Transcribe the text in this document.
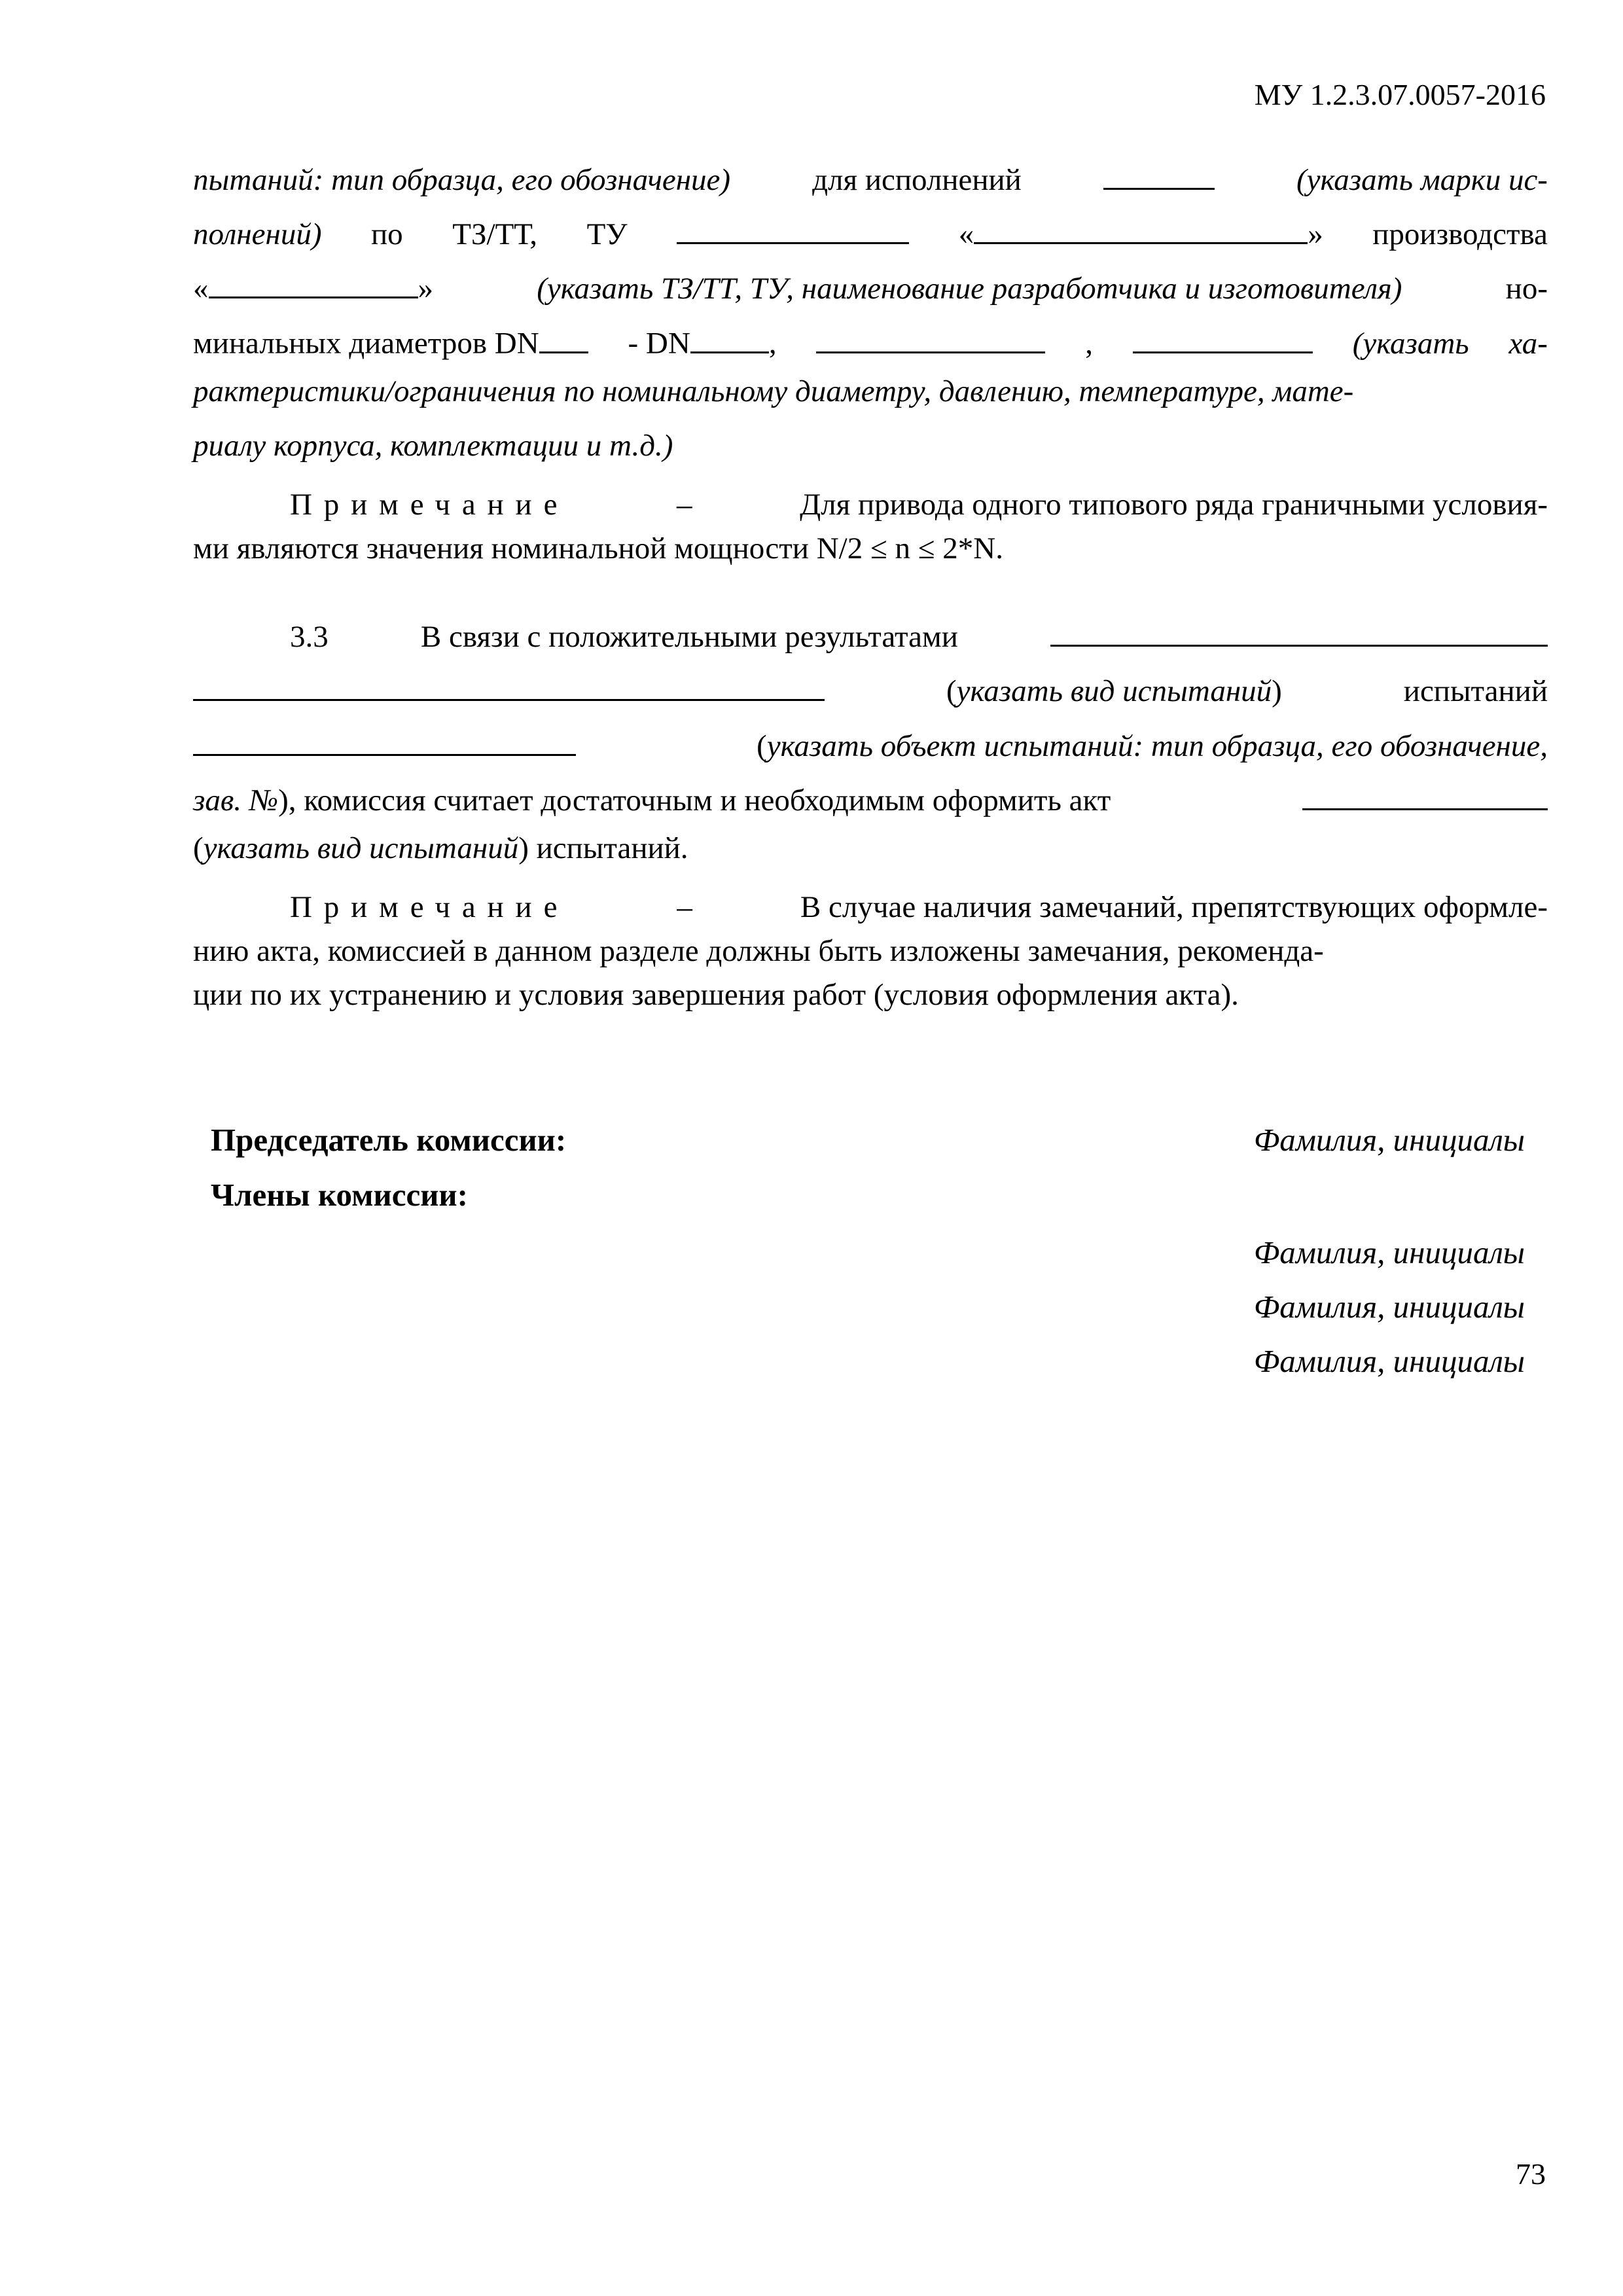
МУ 1.2.3.07.0057-2016
пытаний: тип образца, его обозначение)	для исполнений	(указать марки ис-
полнений) по ТЗ/ТТ, ТУ	«	» производства
«	»	(указать ТЗ/ТТ, ТУ, наименование разработчика и изготовителя)	но-
минальных диаметров DN	- DN	,	,	(указать ха-
рактеристики/ограничения по номинальному диаметру, давлению, температуре, мате-
риалу корпуса, комплектации и т.д.)
Примечание	–	Для привода одного типового ряда граничными условия-
ми являются значения номинальной мощности N/2 ≤ n ≤ 2*N.
3.3	В связи с положительными результатами
(указать вид испытаний)	испытаний
(указать объект испытаний: тип образца, его обозначение,
зав. №), комиссия считает достаточным и необходимым оформить акт
(указать вид испытаний) испытаний.
Примечание	–	В случае наличия замечаний, препятствующих оформле-
нию акта, комиссией в данном разделе должны быть изложены замечания, рекоменда-
ции по их устранению и условия завершения работ (условия оформления акта).
Председатель комиссии:	Фамилия, инициалы
Члены комиссии:
Фамилия, инициалы
Фамилия, инициалы
Фамилия, инициалы
73
